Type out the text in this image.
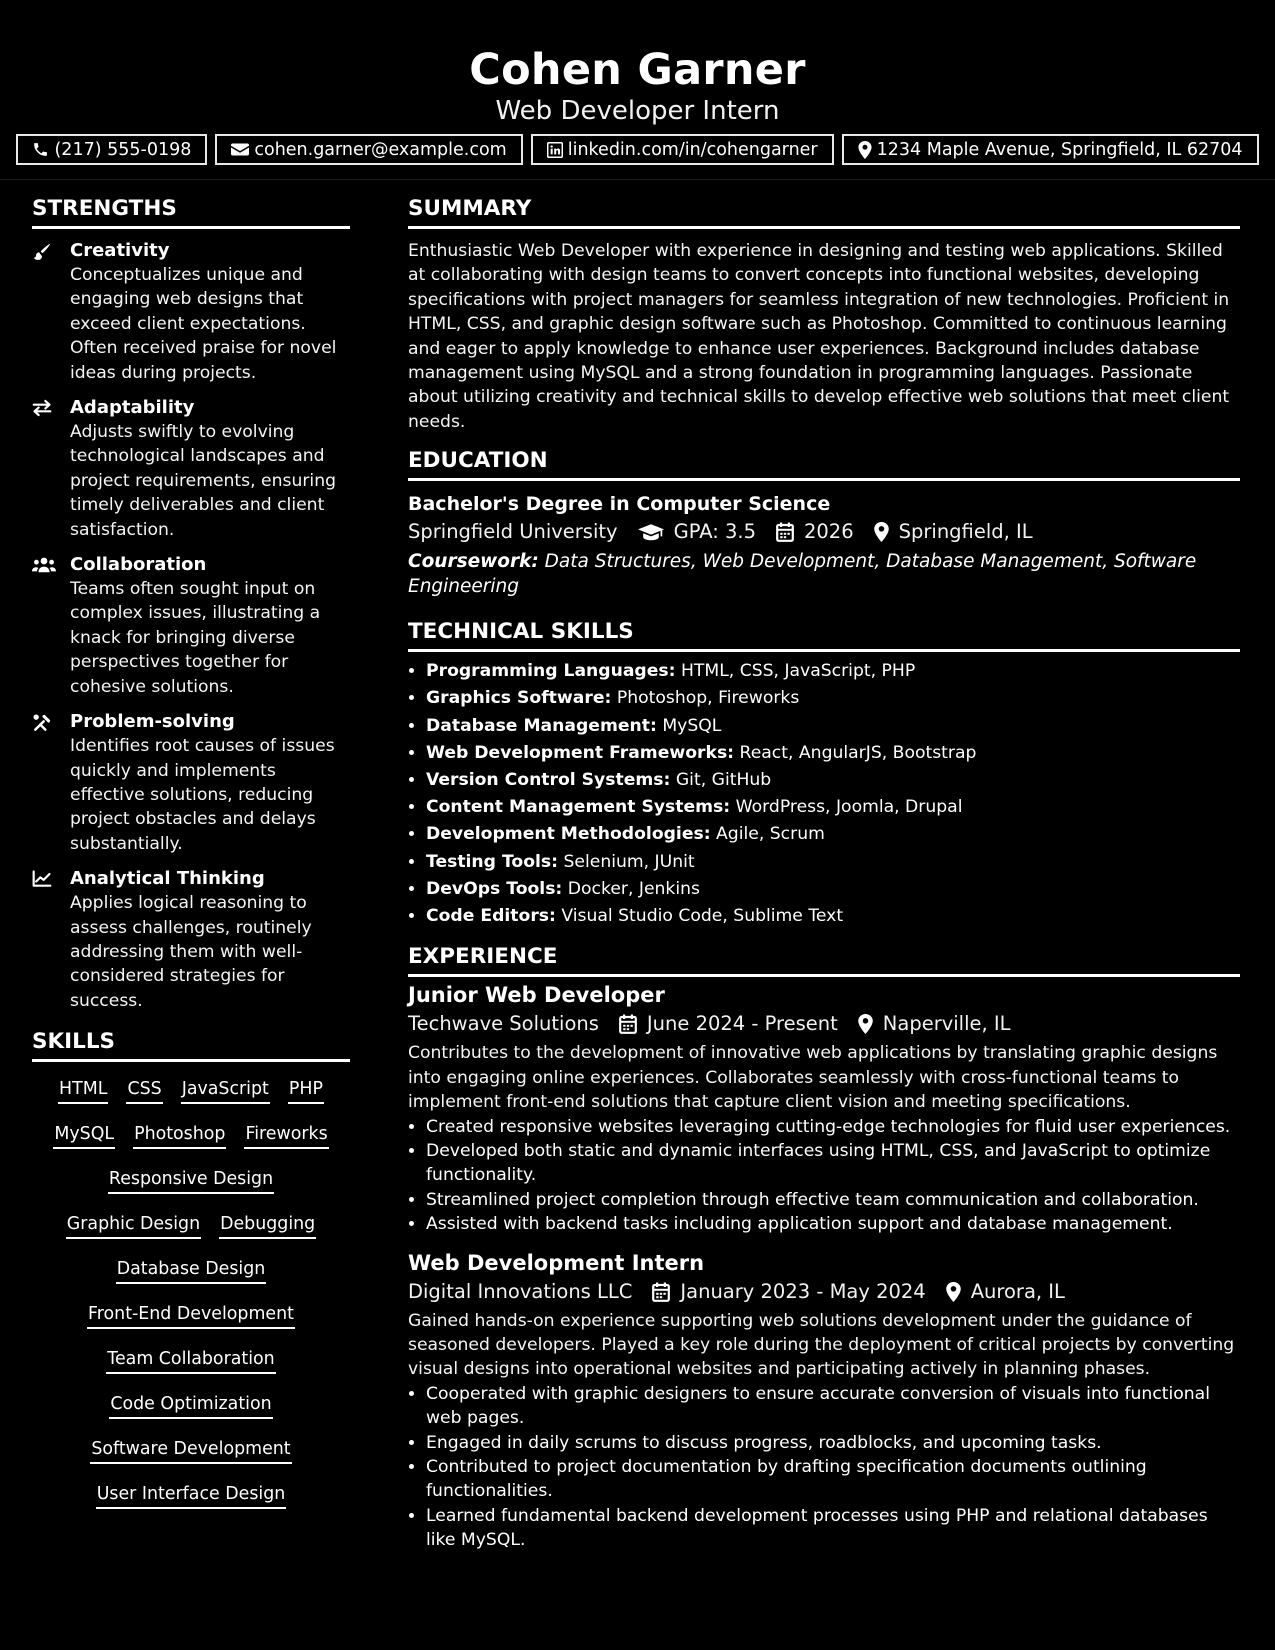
Cohen Garner
Web Developer Intern
(217) 555-0198	cohen.garner@example.com	linkedin.com/in/cohengarner	1234 Maple Avenue, Springfield, IL 62704
STRENGTHS
Creativity
Conceptualizes unique and engaging web designs that exceed client expectations. Often received praise for novel ideas during projects.
Adaptability
Adjusts swiftly to evolving technological landscapes and project requirements, ensuring timely deliverables and client satisfaction.
Collaboration
Teams often sought input on complex issues, illustrating a knack for bringing diverse perspectives together for cohesive solutions.
Problem-solving
Identifies root causes of issues quickly and implements effective solutions, reducing project obstacles and delays substantially.
Analytical Thinking
Applies logical reasoning to assess challenges, routinely addressing them with well-considered strategies for success.
SKILLS
HTML CSS JavaScript PHP
MySQL Photoshop Fireworks
Responsive Design
Graphic Design Debugging
Database Design
Front-End Development
Team Collaboration
Code Optimization
Software Development
User Interface Design
SUMMARY
Enthusiastic Web Developer with experience in designing and testing web applications. Skilled at collaborating with design teams to convert concepts into functional websites, developing specifications with project managers for seamless integration of new technologies. Proficient in HTML, CSS, and graphic design software such as Photoshop. Committed to continuous learning and eager to apply knowledge to enhance user experiences. Background includes database management using MySQL and a strong foundation in programming languages. Passionate about utilizing creativity and technical skills to develop effective web solutions that meet client needs.
EDUCATION
Bachelor's Degree in Computer Science
Springfield University	GPA: 3.5 2026 Springfield, IL
Coursework: Data Structures, Web Development, Database Management, Software Engineering
TECHNICAL SKILLS
• Programming Languages: HTML, CSS, JavaScript, PHP
• Graphics Software: Photoshop, Fireworks
• Database Management: MySQL
• Web Development Frameworks: React, AngularJS, Bootstrap
• Version Control Systems: Git, GitHub
• Content Management Systems: WordPress, Joomla, Drupal
• Development Methodologies: Agile, Scrum
• Testing Tools: Selenium, JUnit
• DevOps Tools: Docker, Jenkins
• Code Editors: Visual Studio Code, Sublime Text
EXPERIENCE
Junior Web Developer
Techwave Solutions June 2024 - Present Naperville, IL
Contributes to the development of innovative web applications by translating graphic designs into engaging online experiences. Collaborates seamlessly with cross-functional teams to implement front-end solutions that capture client vision and meeting specifications.
• Created responsive websites leveraging cutting-edge technologies for fluid user experiences.
• Developed both static and dynamic interfaces using HTML, CSS, and JavaScript to optimize functionality.
• Streamlined project completion through effective team communication and collaboration.
• Assisted with backend tasks including application support and database management.
Web Development Intern
Digital Innovations LLC January 2023 - May 2024 Aurora, IL
Gained hands-on experience supporting web solutions development under the guidance of seasoned developers. Played a key role during the deployment of critical projects by converting visual designs into operational websites and participating actively in planning phases.
• Cooperated with graphic designers to ensure accurate conversion of visuals into functional web pages.
• Engaged in daily scrums to discuss progress, roadblocks, and upcoming tasks.
• Contributed to project documentation by drafting specification documents outlining functionalities.
• Learned fundamental backend development processes using PHP and relational databases like MySQL.
